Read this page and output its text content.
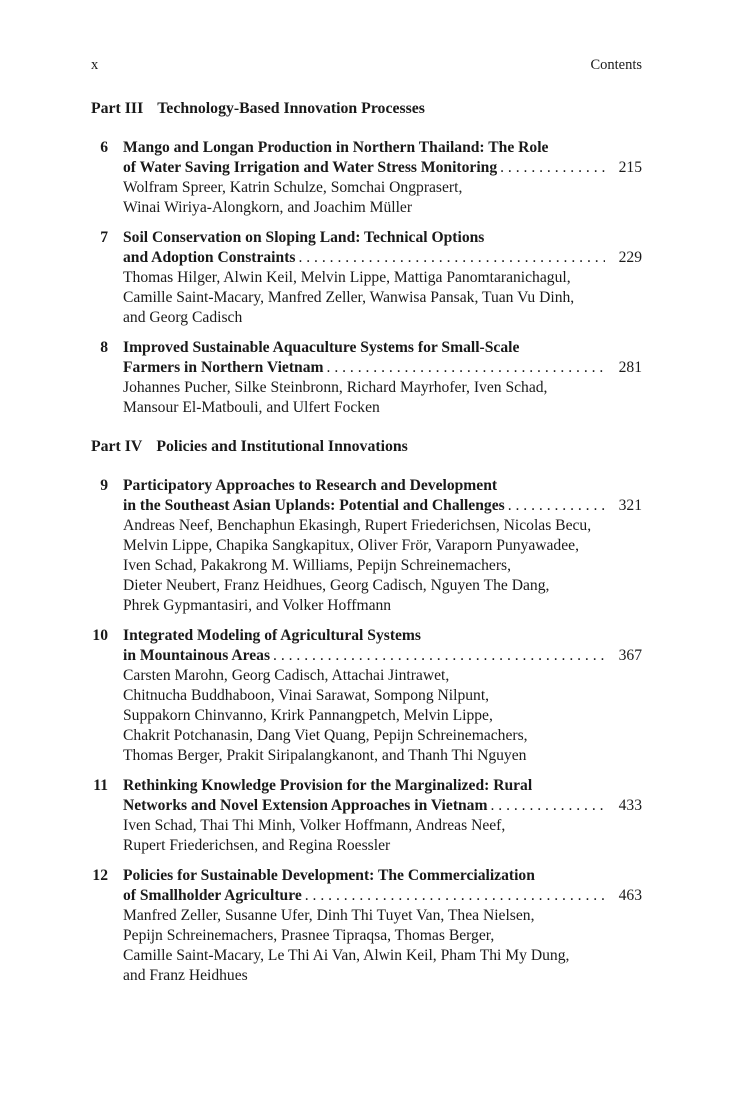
x	Contents
Part III Technology-Based Innovation Processes
6 Mango and Longan Production in Northern Thailand: The Role
of Water Saving Irrigation and Water Stress Monitoring . . .	215
Wolfram Spreer, Katrin Schulze, Somchai Ongprasert,
Winai Wiriya-Alongkorn, and Joachim Müller
7 Soil Conservation on Sloping Land: Technical Options
and Adoption Constraints . . .	229
Thomas Hilger, Alwin Keil, Melvin Lippe, Mattiga Panomtaranichagul,
Camille Saint-Macary, Manfred Zeller, Wanwisa Pansak, Tuan Vu Dinh,
and Georg Cadisch
8 Improved Sustainable Aquaculture Systems for Small-Scale
Farmers in Northern Vietnam . . .	281
Johannes Pucher, Silke Steinbronn, Richard Mayrhofer, Iven Schad,
Mansour El-Matbouli, and Ulfert Focken
Part IV Policies and Institutional Innovations
9 Participatory Approaches to Research and Development
in the Southeast Asian Uplands: Potential and Challenges . . .	321
Andreas Neef, Benchaphun Ekasingh, Rupert Friederichsen, Nicolas Becu,
Melvin Lippe, Chapika Sangkapitux, Oliver Frör, Varaporn Punyawadee,
Iven Schad, Pakakrong M. Williams, Pepijn Schreinemachers,
Dieter Neubert, Franz Heidhues, Georg Cadisch, Nguyen The Dang,
Phrek Gypmantasiri, and Volker Hoffmann
10 Integrated Modeling of Agricultural Systems
in Mountainous Areas . . .	367
Carsten Marohn, Georg Cadisch, Attachai Jintrawet,
Chitnucha Buddhaboon, Vinai Sarawat, Sompong Nilpunt,
Suppakorn Chinvanno, Krirk Pannangpetch, Melvin Lippe,
Chakrit Potchanasin, Dang Viet Quang, Pepijn Schreinemachers,
Thomas Berger, Prakit Siripalangkanont, and Thanh Thi Nguyen
11 Rethinking Knowledge Provision for the Marginalized: Rural
Networks and Novel Extension Approaches in Vietnam . . .	433
Iven Schad, Thai Thi Minh, Volker Hoffmann, Andreas Neef,
Rupert Friederichsen, and Regina Roessler
12 Policies for Sustainable Development: The Commercialization
of Smallholder Agriculture . . .	463
Manfred Zeller, Susanne Ufer, Dinh Thi Tuyet Van, Thea Nielsen,
Pepijn Schreinemachers, Prasnee Tipraqsa, Thomas Berger,
Camille Saint-Macary, Le Thi Ai Van, Alwin Keil, Pham Thi My Dung,
and Franz Heidhues
